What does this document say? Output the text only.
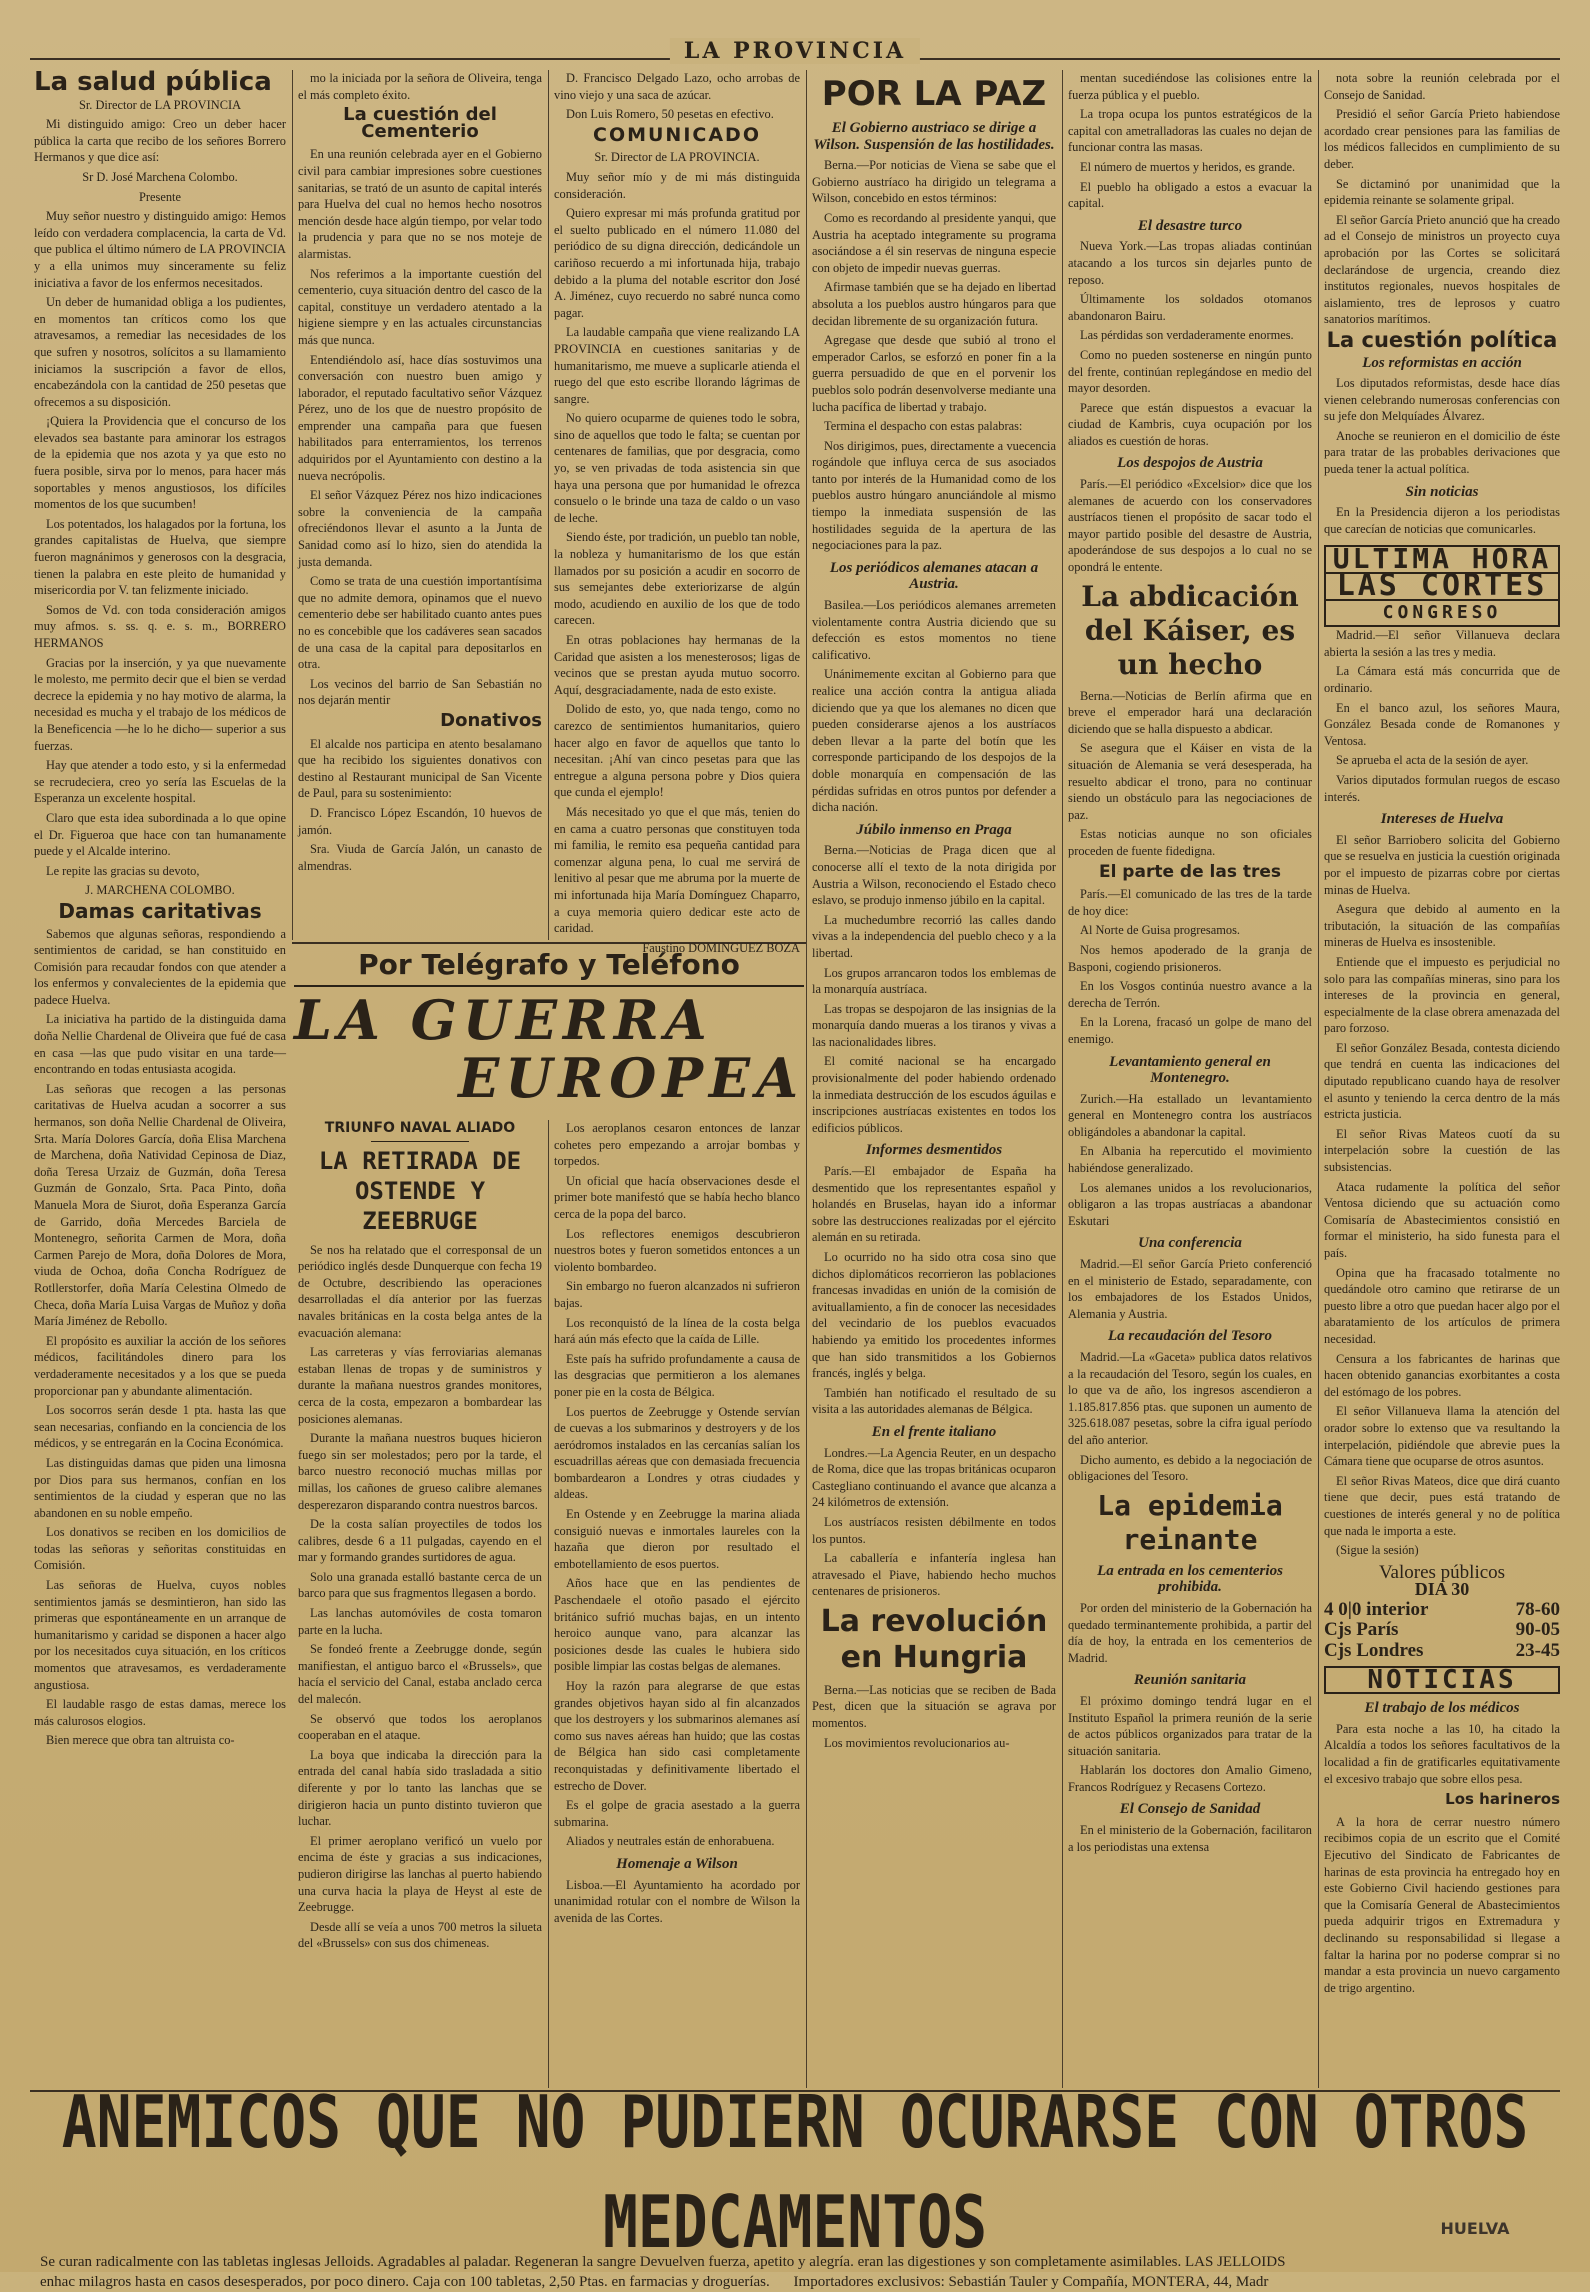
LA PROVINCIA
La salud pública

Sr. Director de LA PROVINCIA

Mi distinguido amigo: Creo un deber hacer pública la carta que recibo de los señores Borrero Hermanos y que dice así:

Sr D. José Marchena Colombo.

Presente

Muy señor nuestro y distinguido amigo: Hemos leído con verdadera complacencia, la carta de Vd. que publica el último número de LA PROVINCIA y a ella unimos muy sinceramente su feliz iniciativa a favor de los enfermos necesitados.

Un deber de humanidad obliga a los pudientes, en momentos tan críticos como los que atravesamos, a remediar las necesidades de los que sufren y nosotros, solícitos a su llamamiento iniciamos la suscripción a favor de ellos, encabezándola con la cantidad de 250 pesetas que ofrecemos a su disposición.

¡Quiera la Providencia que el concurso de los elevados sea bastante para aminorar los estragos de la epidemia que nos azota y ya que esto no fuera posible, sirva por lo menos, para hacer más soportables y menos angustiosos, los difíciles momentos de los que sucumben!

Los potentados, los halagados por la fortuna, los grandes capitalistas de Huelva, que siempre fueron magnánimos y generosos con la desgracia, tienen la palabra en este pleito de humanidad y misericordia por V. tan felizmente iniciado.

Somos de Vd. con toda consideración amigos muy afmos. s. ss. q. e. s. m., BORRERO HERMANOS

Gracias por la inserción, y ya que nuevamente le molesto, me permito decir que el bien se verdad decrece la epidemia y no hay motivo de alarma, la necesidad es mucha y el trabajo de los médicos de la Beneficencia —he lo he dicho— superior a sus fuerzas.

Hay que atender a todo esto, y si la enfermedad se recrudeciera, creo yo sería las Escuelas de la Esperanza un excelente hospital.

Claro que esta idea subordinada a lo que opine el Dr. Figueroa que hace con tan humanamente puede y el Alcalde interino.

Le repite las gracias su devoto,

J. MARCHENA COLOMBO.

Damas caritativas

Sabemos que algunas señoras, respondiendo a sentimientos de caridad, se han constituido en Comisión para recaudar fondos con que atender a los enfermos y convalecientes de la epidemia que padece Huelva.

La iniciativa ha partido de la distinguida dama doña Nellie Chardenal de Oliveira que fué de casa en casa —las que pudo visitar en una tarde— encontrando en todas entusiasta acogida.

Las señoras que recogen a las personas caritativas de Huelva acudan a socorrer a sus hermanos, son doña Nellie Chardenal de Oliveira, Srta. María Dolores García, doña Elisa Marchena de Marchena, doña Natividad Cepinosa de Diaz, doña Teresa Urzaiz de Guzmán, doña Teresa Guzmán de Gonzalo, Srta. Paca Pinto, doña Manuela Mora de Siurot, doña Esperanza García de Garrido, doña Mercedes Barciela de Montenegro, señorita Carmen de Mora, doña Carmen Parejo de Mora, doña Dolores de Mora, viuda de Ochoa, doña Concha Rodríguez de Rotllerstorfer, doña María Celestina Olmedo de Checa, doña María Luisa Vargas de Muñoz y doña María Jiménez de Rebollo.

El propósito es auxiliar la acción de los señores médicos, facilitándoles dinero para los verdaderamente necesitados y a los que se pueda proporcionar pan y abundante alimentación.

Los socorros serán desde 1 pta. hasta las que sean necesarias, confiando en la conciencia de los médicos, y se entregarán en la Cocina Económica.

Las distinguidas damas que piden una limosna por Dios para sus hermanos, confían en los sentimientos de la ciudad y esperan que no las abandonen en su noble empeño.

Los donativos se reciben en los domicilios de todas las señoras y señoritas constituidas en Comisión.

Las señoras de Huelva, cuyos nobles sentimientos jamás se desmintieron, han sido las primeras que espontáneamente en un arranque de humanitarismo y caridad se disponen a hacer algo por los necesitados cuya situación, en los críticos momentos que atravesamos, es verdaderamente angustiosa.

El laudable rasgo de estas damas, merece los más calurosos elogios.

Bien merece que obra tan altruista co-

mo la iniciada por la señora de Oliveira, tenga el más completo éxito.

La cuestión del Cementerio

En una reunión celebrada ayer en el Gobierno civil para cambiar impresiones sobre cuestiones sanitarias, se trató de un asunto de capital interés para Huelva del cual no hemos hecho nosotros mención desde hace algún tiempo, por velar todo la prudencia y para que no se nos moteje de alarmistas.

Nos referimos a la importante cuestión del cementerio, cuya situación dentro del casco de la capital, constituye un verdadero atentado a la higiene siempre y en las actuales circunstancias más que nunca.

Entendiéndolo así, hace días sostuvimos una conversación con nuestro buen amigo y laborador, el reputado facultativo señor Vázquez Pérez, uno de los que de nuestro propósito de emprender una campaña para que fuesen habilitados para enterramientos, los terrenos adquiridos por el Ayuntamiento con destino a la nueva necrópolis.

El señor Vázquez Pérez nos hizo indicaciones sobre la conveniencia de la campaña ofreciéndonos llevar el asunto a la Junta de Sanidad como así lo hizo, sien do atendida la justa demanda.

Como se trata de una cuestión importantísima que no admite demora, opinamos que el nuevo cementerio debe ser habilitado cuanto antes pues no es concebible que los cadáveres sean sacados de una casa de la capital para depositarlos en otra.

Los vecinos del barrio de San Sebastián no nos dejarán mentir

Donativos

El alcalde nos participa en atento besalamano que ha recibido los siguientes donativos con destino al Restaurant municipal de San Vicente de Paul, para su sostenimiento:

D. Francisco López Escandón, 10 huevos de jamón.

Sra. Viuda de García Jalón, un canasto de almendras.

D. Francisco Delgado Lazo, ocho arrobas de vino viejo y una saca de azúcar.

Don Luis Romero, 50 pesetas en efectivo.

COMUNICADO

Sr. Director de LA PROVINCIA.

Muy señor mío y de mi más distinguida consideración.

Quiero expresar mi más profunda gratitud por el suelto publicado en el número 11.080 del periódico de su digna dirección, dedicándole un cariñoso recuerdo a mi infortunada hija, trabajo debido a la pluma del notable escritor don José A. Jiménez, cuyo recuerdo no sabré nunca como pagar.

La laudable campaña que viene realizando LA PROVINCIA en cuestiones sanitarias y de humanitarismo, me mueve a suplicarle atienda el ruego del que esto escribe llorando lágrimas de sangre.

No quiero ocuparme de quienes todo le sobra, sino de aquellos que todo le falta; se cuentan por centenares de familias, que por desgracia, como yo, se ven privadas de toda asistencia sin que haya una persona que por humanidad le ofrezca consuelo o le brinde una taza de caldo o un vaso de leche.

Siendo éste, por tradición, un pueblo tan noble, la nobleza y humanitarismo de los que están llamados por su posición a acudir en socorro de sus semejantes debe exteriorizarse de algún modo, acudiendo en auxilio de los que de todo carecen.

En otras poblaciones hay hermanas de la Caridad que asisten a los menesterosos; ligas de vecinos que se prestan ayuda mutuo socorro. Aquí, desgraciadamente, nada de esto existe.

Dolido de esto, yo, que nada tengo, como no carezco de sentimientos humanitarios, quiero hacer algo en favor de aquellos que tanto lo necesitan. ¡Ahí van cinco pesetas para que las entregue a alguna persona pobre y Dios quiera que cunda el ejemplo!

Más necesitado yo que el que más, tenien do en cama a cuatro personas que constituyen toda mi familia, le remito esa pequeña cantidad para comenzar alguna pena, lo cual me servirá de lenitivo al pesar que me abruma por la muerte de mi infortunada hija María Domínguez Chaparro, a cuya memoria quiero dedicar este acto de caridad.

Faustino DOMINGUEZ BOZA

Por Telégrafo y Teléfono
LA GUERRA
EUROPEA
TRIUNFO NAVAL ALIADO
LA RETIRADA DE OSTENDE Y ZEEBRUGE

Se nos ha relatado que el corresponsal de un periódico inglés desde Dunquerque con fecha 19 de Octubre, describiendo las operaciones desarrolladas el día anterior por las fuerzas navales británicas en la costa belga antes de la evacuación alemana:

Las carreteras y vías ferroviarias alemanas estaban llenas de tropas y de suministros y durante la mañana nuestros grandes monitores, cerca de la costa, empezaron a bombardear las posiciones alemanas.

Durante la mañana nuestros buques hicieron fuego sin ser molestados; pero por la tarde, el barco nuestro reconoció muchas millas por millas, los cañones de grueso calibre alemanes desperezaron disparando contra nuestros barcos.

De la costa salían proyectiles de todos los calibres, desde 6 a 11 pulgadas, cayendo en el mar y formando grandes surtidores de agua.

Solo una granada estalló bastante cerca de un barco para que sus fragmentos llegasen a bordo.

Las lanchas automóviles de costa tomaron parte en la lucha.

Se fondeó frente a Zeebrugge donde, según manifiestan, el antiguo barco el «Brussels», que hacía el servicio del Canal, estaba anclado cerca del malecón.

Se observó que todos los aeroplanos cooperaban en el ataque.

La boya que indicaba la dirección para la entrada del canal había sido trasladada a sitio diferente y por lo tanto las lanchas que se dirigieron hacia un punto distinto tuvieron que luchar.

El primer aeroplano verificó un vuelo por encima de éste y gracias a sus indicaciones, pudieron dirigirse las lanchas al puerto habiendo una curva hacia la playa de Heyst al este de Zeebrugge.

Desde allí se veía a unos 700 metros la silueta del «Brussels» con sus dos chimeneas.

Los aeroplanos cesaron entonces de lanzar cohetes pero empezando a arrojar bombas y torpedos.

Un oficial que hacía observaciones desde el primer bote manifestó que se había hecho blanco cerca de la popa del barco.

Los reflectores enemigos descubrieron nuestros botes y fueron sometidos entonces a un violento bombardeo.

Sin embargo no fueron alcanzados ni sufrieron bajas.

Los reconquistó de la línea de la costa belga hará aún más efecto que la caída de Lille.

Este país ha sufrido profundamente a causa de las desgracias que permitieron a los alemanes poner pie en la costa de Bélgica.

Los puertos de Zeebrugge y Ostende servían de cuevas a los submarinos y destroyers y de los aeródromos instalados en las cercanías salían los escuadrillas aéreas que con demasiada frecuencia bombardearon a Londres y otras ciudades y aldeas.

En Ostende y en Zeebrugge la marina aliada consiguió nuevas e inmortales laureles con la hazaña que dieron por resultado el embotellamiento de esos puertos.

Años hace que en las pendientes de Paschendaele el otoño pasado el ejército británico sufrió muchas bajas, en un intento heroico aunque vano, para alcanzar las posiciones desde las cuales le hubiera sido posible limpiar las costas belgas de alemanes.

Hoy la razón para alegrarse de que estas grandes objetivos hayan sido al fin alcanzados que los destroyers y los submarinos alemanes así como sus naves aéreas han huido; que las costas de Bélgica han sido casi completamente reconquistadas y definitivamente libertado el estrecho de Dover.

Es el golpe de gracia asestado a la guerra submarina.

Aliados y neutrales están de enhorabuena.

Homenaje a Wilson

Lisboa.—El Ayuntamiento ha acordado por unanimidad rotular con el nombre de Wilson la avenida de las Cortes.

POR LA PAZ
El Gobierno austriaco se dirige a Wilson. Suspensión de las hostilidades.

Berna.—Por noticias de Viena se sabe que el Gobierno austríaco ha dirigido un telegrama a Wilson, concebido en estos términos:

Como es recordando al presidente yanqui, que Austria ha aceptado integramente su programa asociándose a él sin reservas de ninguna especie con objeto de impedir nuevas guerras.

Afirmase también que se ha dejado en libertad absoluta a los pueblos austro húngaros para que decidan libremente de su organización futura.

Agregase que desde que subió al trono el emperador Carlos, se esforzó en poner fin a la guerra persuadido de que en el porvenir los pueblos solo podrán desenvolverse mediante una lucha pacífica de libertad y trabajo.

Termina el despacho con estas palabras:

Nos dirigimos, pues, directamente a vuecencia rogándole que influya cerca de sus asociados tanto por interés de la Humanidad como de los pueblos austro húngaro anunciándole al mismo tiempo la inmediata suspensión de las hostilidades seguida de la apertura de las negociaciones para la paz.

Los periódicos alemanes atacan a Austria.

Basilea.—Los periódicos alemanes arremeten violentamente contra Austria diciendo que su defección es estos momentos no tiene calificativo.

Unánimemente excitan al Gobierno para que realice una acción contra la antigua aliada diciendo que ya que los alemanes no dicen que pueden considerarse ajenos a los austríacos deben llevar a la parte del botín que les corresponde participando de los despojos de la doble monarquía en compensación de las pérdidas sufridas en otros puntos por defender a dicha nación.

Júbilo inmenso en Praga

Berna.—Noticias de Praga dicen que al conocerse allí el texto de la nota dirigida por Austria a Wilson, reconociendo el Estado checo eslavo, se produjo inmenso júbilo en la capital.

La muchedumbre recorrió las calles dando vivas a la independencia del pueblo checo y a la libertad.

Los grupos arrancaron todos los emblemas de la monarquía austríaca.

Las tropas se despojaron de las insignias de la monarquía dando mueras a los tiranos y vivas a las nacionalidades libres.

El comité nacional se ha encargado provisionalmente del poder habiendo ordenado la inmediata destrucción de los escudos águilas e inscripciones austríacas existentes en todos los edificios públicos.

Informes desmentidos

París.—El embajador de España ha desmentido que los representantes español y holandés en Bruselas, hayan ido a informar sobre las destrucciones realizadas por el ejército alemán en su retirada.

Lo ocurrido no ha sido otra cosa sino que dichos diplomáticos recorrieron las poblaciones francesas invadidas en unión de la comisión de avituallamiento, a fin de conocer las necesidades del vecindario de los pueblos evacuados habiendo ya emitido los procedentes informes que han sido transmitidos a los Gobiernos francés, inglés y belga.

También han notificado el resultado de su visita a las autoridades alemanas de Bélgica.

En el frente italiano

Londres.—La Agencia Reuter, en un despacho de Roma, dice que las tropas británicas ocuparon Castegliano continuando el avance que alcanza a 24 kilómetros de extensión.

Los austríacos resisten débilmente en todos los puntos.

La caballería e infantería inglesa han atravesado el Piave, habiendo hecho muchos centenares de prisioneros.

La revolución en Hungria

Berna.—Las noticias que se reciben de Bada Pest, dicen que la situación se agrava por momentos.

Los movimientos revolucionarios au-

mentan sucediéndose las colisiones entre la fuerza pública y el pueblo.

La tropa ocupa los puntos estratégicos de la capital con ametralladoras las cuales no dejan de funcionar contra las masas.

El número de muertos y heridos, es grande.

El pueblo ha obligado a estos a evacuar la capital.

El desastre turco

Nueva York.—Las tropas aliadas continúan atacando a los turcos sin dejarles punto de reposo.

Últimamente los soldados otomanos abandonaron Bairu.

Las pérdidas son verdaderamente enormes.

Como no pueden sostenerse en ningún punto del frente, continúan replegándose en medio del mayor desorden.

Parece que están dispuestos a evacuar la ciudad de Kambris, cuya ocupación por los aliados es cuestión de horas.

Los despojos de Austria

París.—El periódico «Excelsior» dice que los alemanes de acuerdo con los conservadores austríacos tienen el propósito de sacar todo el mayor partido posible del desastre de Austria, apoderándose de sus despojos a lo cual no se opondrá le entente.

La abdicación del Káiser, es un hecho

Berna.—Noticias de Berlín afirma que en breve el emperador hará una declaración diciendo que se halla dispuesto a abdicar.

Se asegura que el Káiser en vista de la situación de Alemania se verá desesperada, ha resuelto abdicar el trono, para no continuar siendo un obstáculo para las negociaciones de paz.

Estas noticias aunque no son oficiales proceden de fuente fidedigna.

El parte de las tres

París.—El comunicado de las tres de la tarde de hoy dice:

Al Norte de Guisa progresamos.

Nos hemos apoderado de la granja de Basponi, cogiendo prisioneros.

En los Vosgos continúa nuestro avance a la derecha de Terrón.

En la Lorena, fracasó un golpe de mano del enemigo.

Levantamiento general en Montenegro.

Zurich.—Ha estallado un levantamiento general en Montenegro contra los austríacos obligándoles a abandonar la capital.

En Albania ha repercutido el movimiento habiéndose generalizado.

Los alemanes unidos a los revolucionarios, obligaron a las tropas austríacas a abandonar Eskutari

Una conferencia

Madrid.—El señor García Prieto conferenció en el ministerio de Estado, separadamente, con los embajadores de los Estados Unidos, Alemania y Austria.

La recaudación del Tesoro

Madrid.—La «Gaceta» publica datos relativos a la recaudación del Tesoro, según los cuales, en lo que va de año, los ingresos ascendieron a 1.185.817.856 ptas. que suponen un aumento de 325.618.087 pesetas, sobre la cifra igual período del año anterior.

Dicho aumento, es debido a la negociación de obligaciones del Tesoro.

La epidemia reinante
La entrada en los cementerios prohibida.

Por orden del ministerio de la Gobernación ha quedado terminantemente prohibida, a partir del día de hoy, la entrada en los cementerios de Madrid.

Reunión sanitaria

El próximo domingo tendrá lugar en el Instituto Español la primera reunión de la serie de actos públicos organizados para tratar de la situación sanitaria.

Hablarán los doctores don Amalio Gimeno, Francos Rodríguez y Recasens Cortezo.

El Consejo de Sanidad

En el ministerio de la Gobernación, facilitaron a los periodistas una extensa

nota sobre la reunión celebrada por el Consejo de Sanidad.

Presidió el señor García Prieto habiendose acordado crear pensiones para las familias de los médicos fallecidos en cumplimiento de su deber.

Se dictaminó por unanimidad que la epidemia reinante se solamente gripal.

El señor García Prieto anunció que ha creado ad el Consejo de ministros un proyecto cuya aprobación por las Cortes se solicitará declarándose de urgencia, creando diez institutos regionales, nuevos hospitales de aislamiento, tres de leprosos y cuatro sanatorios marítimos.

La cuestión política
Los reformistas en acción

Los diputados reformistas, desde hace días vienen celebrando numerosas conferencias con su jefe don Melquíades Álvarez.

Anoche se reunieron en el domicilio de éste para tratar de las probables derivaciones que pueda tener la actual política.

Sin noticias

En la Presidencia dijeron a los periodistas que carecían de noticias que comunicarles.

ULTIMA HORA
LAS CORTES
CONGRESO

Madrid.—El señor Villanueva declara abierta la sesión a las tres y media.

La Cámara está más concurrida que de ordinario.

En el banco azul, los señores Maura, González Besada conde de Romanones y Ventosa.

Se aprueba el acta de la sesión de ayer.

Varios diputados formulan ruegos de escaso interés.

Intereses de Huelva

El señor Barriobero solicita del Gobierno que se resuelva en justicia la cuestión originada por el impuesto de pizarras cobre por ciertas minas de Huelva.

Asegura que debido al aumento en la tributación, la situación de las compañías mineras de Huelva es insostenible.

Entiende que el impuesto es perjudicial no solo para las compañías mineras, sino para los intereses de la provincia en general, especialmente de la clase obrera amenazada del paro forzoso.

El señor González Besada, contesta diciendo que tendrá en cuenta las indicaciones del diputado republicano cuando haya de resolver el asunto y teniendo la cerca dentro de la más estricta justicia.

El señor Rivas Mateos cuotí da su interpelación sobre la cuestión de las subsistencias.

Ataca rudamente la política del señor Ventosa diciendo que su actuación como Comisaría de Abastecimientos consistió en formar el ministerio, ha sido funesta para el país.

Opina que ha fracasado totalmente no quedándole otro camino que retirarse de un puesto libre a otro que puedan hacer algo por el abaratamiento de los artículos de primera necesidad.

Censura a los fabricantes de harinas que hacen obtenido ganancias exorbitantes a costa del estómago de los pobres.

El señor Villanueva llama la atención del orador sobre lo extenso que va resultando la interpelación, pidiéndole que abrevie pues la Cámara tiene que ocuparse de otros asuntos.

El señor Rivas Mateos, dice que dirá cuanto tiene que decir, pues está tratando de cuestiones de interés general y no de política que nada le importa a este.

(Sigue la sesión)

Valores públicos
DIA 30
4 0|0 interior	78-60
Cjs París	90-05
Cjs Londres	23-45
NOTICIAS
El trabajo de los médicos

Para esta noche a las 10, ha citado la Alcaldía a todos los señores facultativos de la localidad a fin de gratificarles equitativamente el excesivo trabajo que sobre ellos pesa.

Los harineros

A la hora de cerrar nuestro número recibimos copia de un escrito que el Comité Ejecutivo del Sindicato de Fabricantes de harinas de esta provincia ha entregado hoy en este Gobierno Civil haciendo gestiones para que la Comisaría General de Abastecimientos pueda adquirir trigos en Extremadura y declinando su responsabilidad si llegase a faltar la harina por no poderse comprar si no mandar a esta provincia un nuevo cargamento de trigo argentino.

ANEMICOS QUE NO PUDIERN OCURARSE CON OTROS MEDCAMENTOS
Se curan radicalmente con las tabletas inglesas Jelloids. Agradables al paladar. Regeneran la sangre Devuelven fuerza, apetito y alegría. eran las digestiones y son completamente asimilables. LAS JELLOIDS
enhac milagros hasta en casos desesperados, por poco dinero. Caja con 100 tabletas, 2,50 Ptas. en farmacias y droguerías. Importadores exclusivos: Sebastián Tauler y Compañía, MONTERA, 44, Madr
HUELVA
